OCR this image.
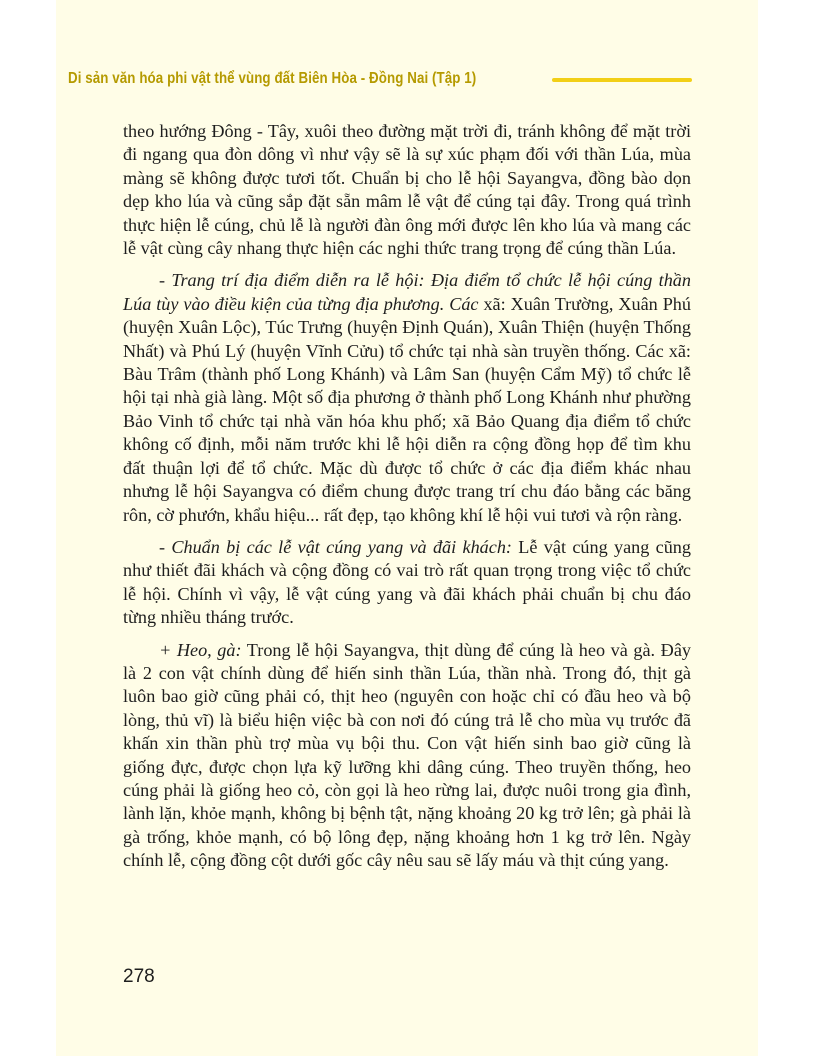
Di sản văn hóa phi vật thể vùng đất Biên Hòa - Đồng Nai (Tập 1)

theo hướng Đông - Tây, xuôi theo đường mặt trời đi, tránh không để mặt trời đi ngang qua đòn dông vì như vậy sẽ là sự xúc phạm đối với thần Lúa, mùa màng sẽ không được tươi tốt. Chuẩn bị cho lễ hội Sayangva, đồng bào dọn dẹp kho lúa và cũng sắp đặt sẵn mâm lễ vật để cúng tại đây. Trong quá trình thực hiện lễ cúng, chủ lễ là người đàn ông mới được lên kho lúa và mang các lễ vật cùng cây nhang thực hiện các nghi thức trang trọng để cúng thần Lúa.

- Trang trí địa điểm diễn ra lễ hội: Địa điểm tổ chức lễ hội cúng thần Lúa tùy vào điều kiện của từng địa phương. Các xã: Xuân Trường, Xuân Phú (huyện Xuân Lộc), Túc Trưng (huyện Định Quán), Xuân Thiện (huyện Thống Nhất) và Phú Lý (huyện Vĩnh Cửu) tổ chức tại nhà sàn truyền thống. Các xã: Bàu Trâm (thành phố Long Khánh) và Lâm San (huyện Cẩm Mỹ) tổ chức lễ hội tại nhà già làng. Một số địa phương ở thành phố Long Khánh như phường Bảo Vinh tổ chức tại nhà văn hóa khu phố; xã Bảo Quang địa điểm tổ chức không cố định, mỗi năm trước khi lễ hội diễn ra cộng đồng họp để tìm khu đất thuận lợi để tổ chức. Mặc dù được tổ chức ở các địa điểm khác nhau nhưng lễ hội Sayangva có điểm chung được trang trí chu đáo bằng các băng rôn, cờ phướn, khẩu hiệu... rất đẹp, tạo không khí lễ hội vui tươi và rộn ràng.

- Chuẩn bị các lễ vật cúng yang và đãi khách: Lễ vật cúng yang cũng như thiết đãi khách và cộng đồng có vai trò rất quan trọng trong việc tổ chức lễ hội. Chính vì vậy, lễ vật cúng yang và đãi khách phải chuẩn bị chu đáo từng nhiều tháng trước.

+ Heo, gà: Trong lễ hội Sayangva, thịt dùng để cúng là heo và gà. Đây là 2 con vật chính dùng để hiến sinh thần Lúa, thần nhà. Trong đó, thịt gà luôn bao giờ cũng phải có, thịt heo (nguyên con hoặc chỉ có đầu heo và bộ lòng, thủ vĩ) là biểu hiện việc bà con nơi đó cúng trả lễ cho mùa vụ trước đã khấn xin thần phù trợ mùa vụ bội thu. Con vật hiến sinh bao giờ cũng là giống đực, được chọn lựa kỹ lưỡng khi dâng cúng. Theo truyền thống, heo cúng phải là giống heo cỏ, còn gọi là heo rừng lai, được nuôi trong gia đình, lành lặn, khỏe mạnh, không bị bệnh tật, nặng khoảng 20 kg trở lên; gà phải là gà trống, khỏe mạnh, có bộ lông đẹp, nặng khoảng hơn 1 kg trở lên. Ngày chính lễ, cộng đồng cột dưới gốc cây nêu sau sẽ lấy máu và thịt cúng yang.

278
